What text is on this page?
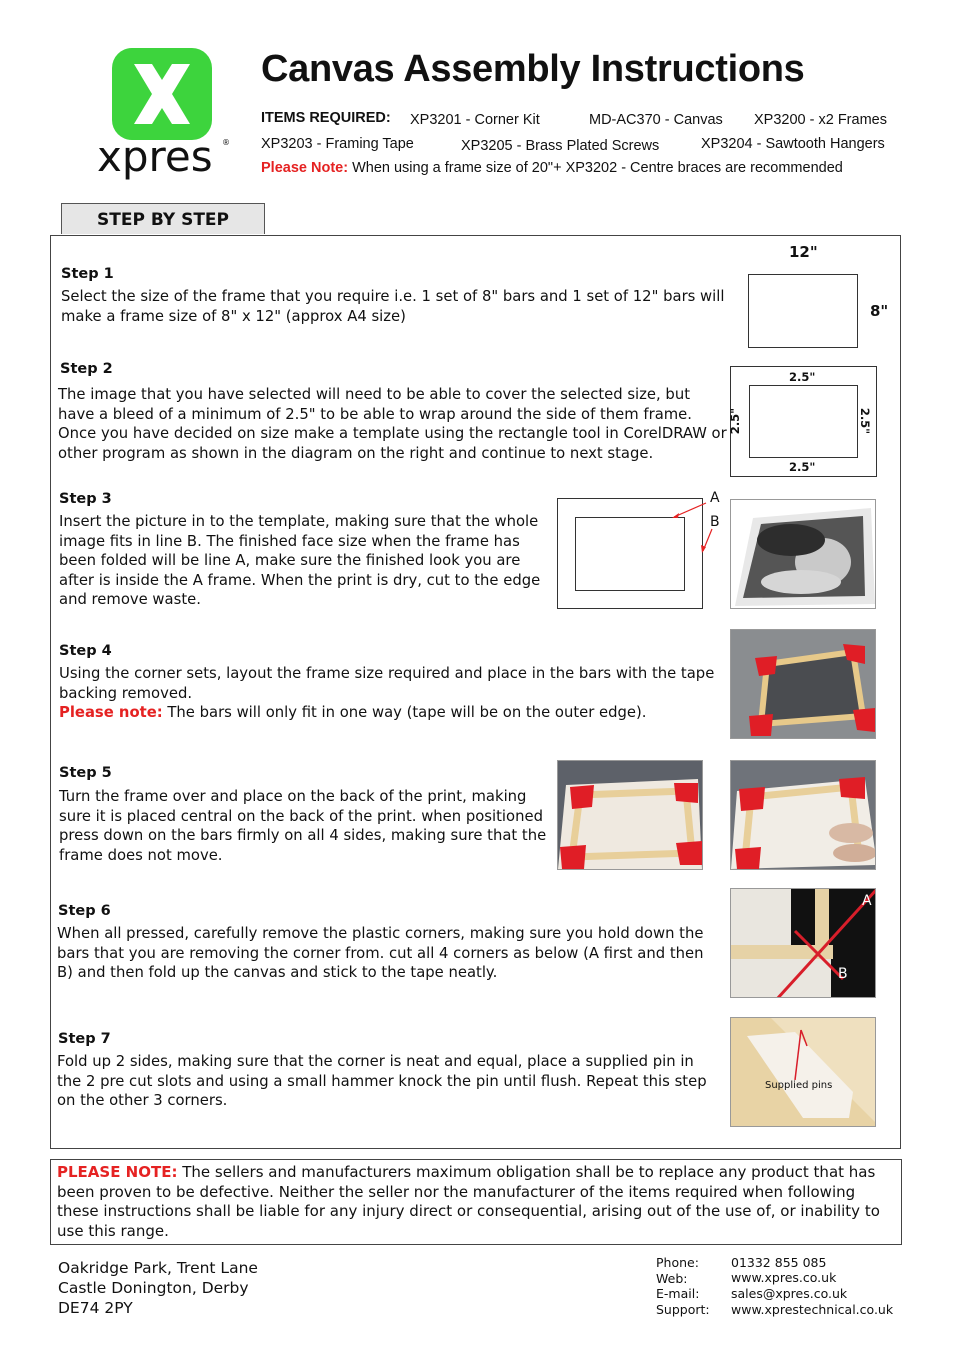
xpres ®
Canvas Assembly Instructions
ITEMS REQUIRED: XP3201 - Corner Kit	MD-AC370 - Canvas XP3200 - x2 Frames
XP3203 - Framing Tape	XP3205 - Brass Plated Screws	XP3204 - Sawtooth Hangers
Please Note: When using a frame size of 20"+ XP3202 - Centre braces are recommended
STEP BY STEP
Step 1
Select the size of the frame that you require i.e. 1 set of 8" bars and 1 set of 12" bars will make a frame size of 8" x 12" (approx A4 size)
12"
8"
Step 2
The image that you have selected will need to be able to cover the selected size, but have a bleed of a minimum of 2.5" to be able to wrap around the side of them frame. Once you have decided on size make a template using the rectangle tool in CorelDRAW or other program as shown in the diagram on the right and continue to next stage.
2.5"
2.5"
2.5"	2.5"
Step 3
Insert the picture in to the template, making sure that the whole image fits in line B. The finished face size when the frame has been folded will be line A, make sure the finished look you are after is inside the A frame. When the print is dry, cut to the edge and remove waste.
A
B
Step 4
Using the corner sets, layout the frame size required and place in the bars with the tape backing removed.
Please note: The bars will only fit in one way (tape will be on the outer edge).
Step 5
Turn the frame over and place on the back of the print, making sure it is placed central on the back of the print. when positioned press down on the bars firmly on all 4 sides, making sure that the frame does not move.
Step 6
When all pressed, carefully remove the plastic corners, making sure you hold down the bars that you are removing the corner from. cut all 4 corners as below (A first and then B) and then fold up the canvas and stick to the tape neatly.
A
B
Step 7
Fold up 2 sides, making sure that the corner is neat and equal, place a supplied pin in the 2 pre cut slots and using a small hammer knock the pin until flush. Repeat this step on the other 3 corners.
Supplied pins
PLEASE NOTE: The sellers and manufacturers maximum obligation shall be to replace any product that has been proven to be defective. Neither the seller nor the manufacturer of the items required when following these instructions shall be liable for any injury direct or consequential, arising out of the use of, or inability to use this range.
Oakridge Park, Trent Lane
Castle Donington, Derby
DE74 2PY
Phone:	01332 855 085
Web:	www.xpres.co.uk
E-mail:	sales@xpres.co.uk
Support: www.xprestechnical.co.uk
